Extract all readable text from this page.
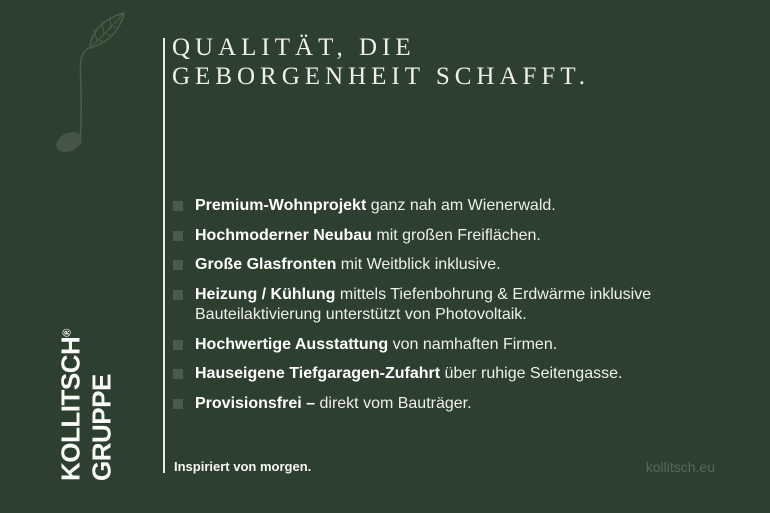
KOLLITSCH®
GRUPPE
QUALITÄT, DIE
GEBORGENHEIT SCHAFFT.
Premium-Wohnprojekt ganz nah am Wienerwald.
Hochmoderner Neubau mit großen Freiflächen.
Große Glasfronten mit Weitblick inklusive.
Heizung / Kühlung mittels Tiefenbohrung & Erdwärme inklusive Bauteilaktivierung unterstützt von Photovoltaik.
Hochwertige Ausstattung von namhaften Firmen.
Hauseigene Tiefgaragen-Zufahrt über ruhige Seitengasse.
Provisionsfrei – direkt vom Bauträger.
Inspiriert von morgen.	kollitsch.eu
